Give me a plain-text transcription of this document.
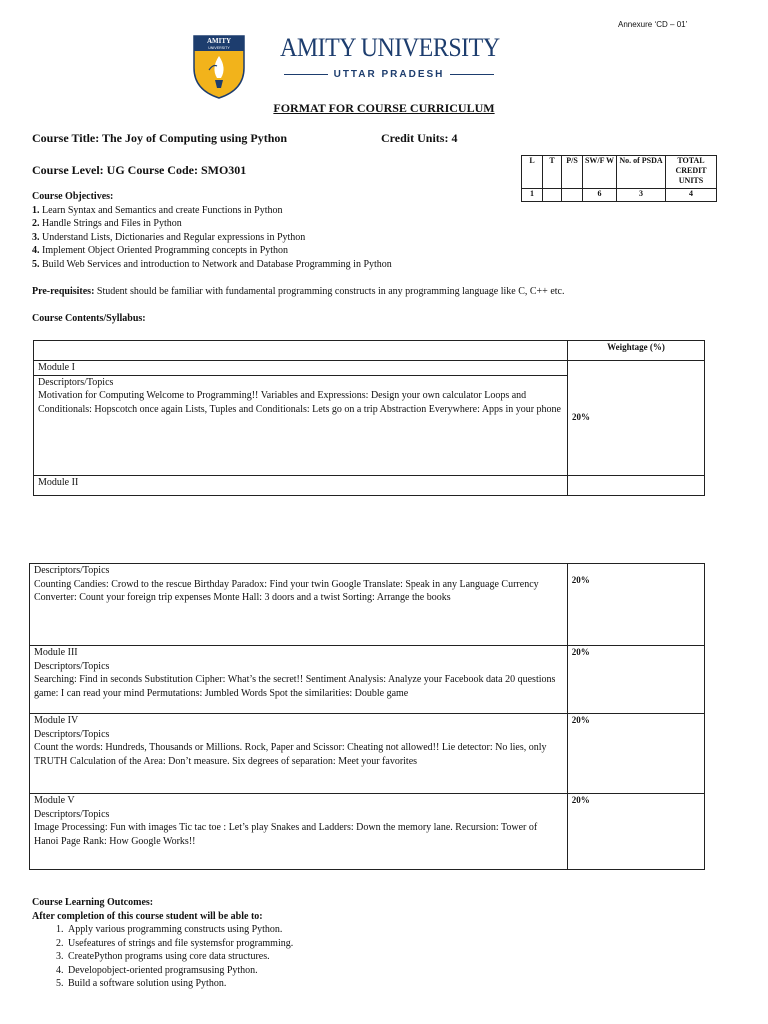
Annexure ‘CD – 01’
AMITY
UNIVERSITY AMITY UNIVERSITY
UTTAR PRADESH
FORMAT FOR COURSE CURRICULUM
Course Title: The Joy of Computing using Python	Credit Units: 4
Course Level: UG Course Code: SMO301
L	T	P/S	SW/F W	No. of PSDA	TOTAL CREDIT UNITS
1			6	3	4
Course Objectives:
1. Learn Syntax and Semantics and create Functions in Python
2. Handle Strings and Files in Python
3. Understand Lists, Dictionaries and Regular expressions in Python
4. Implement Object Oriented Programming concepts in Python
5. Build Web Services and introduction to Network and Database Programming in Python
Pre-requisites: Student should be familiar with fundamental programming constructs in any programming language like C, C++ etc.
Course Contents/Syllabus:
	Weightage (%)

Module I	20%

Descriptors/Topics
Motivation for Computing Welcome to Programming!! Variables and Expressions: Design your own calculator Loops and Conditionals: Hopscotch once again Lists, Tuples and Conditionals: Lets go on a trip Abstraction Everywhere: Apps in your phone	

Module II	

Descriptors/Topics
Counting Candies: Crowd to the rescue Birthday Paradox: Find your twin Google Translate: Speak in any Language Currency Converter: Count your foreign trip expenses Monte Hall: 3 doors and a twist Sorting: Arrange the books	20%

Module III
Descriptors/Topics
Searching: Find in seconds Substitution Cipher: What’s the secret!! Sentiment Analysis: Analyze your Facebook data 20 questions game: I can read your mind Permutations: Jumbled Words Spot the similarities: Double game	20%

Module IV
Descriptors/Topics
Count the words: Hundreds, Thousands or Millions. Rock, Paper and Scissor: Cheating not allowed!! Lie detector: No lies, only TRUTH Calculation of the Area: Don’t measure. Six degrees of separation: Meet your favorites	20%

Module V
Descriptors/Topics
Image Processing: Fun with images Tic tac toe : Let’s play Snakes and Ladders: Down the memory lane. Recursion: Tower of Hanoi Page Rank: How Google Works!!	20%
Course Learning Outcomes:
After completion of this course student will be able to:
1. Apply various programming constructs using Python.
2. Usefeatures of strings and file systemsfor programming.
3. CreatePython programs using core data structures.
4. Developobject-oriented programsusing Python.
5. Build a software solution using Python.
